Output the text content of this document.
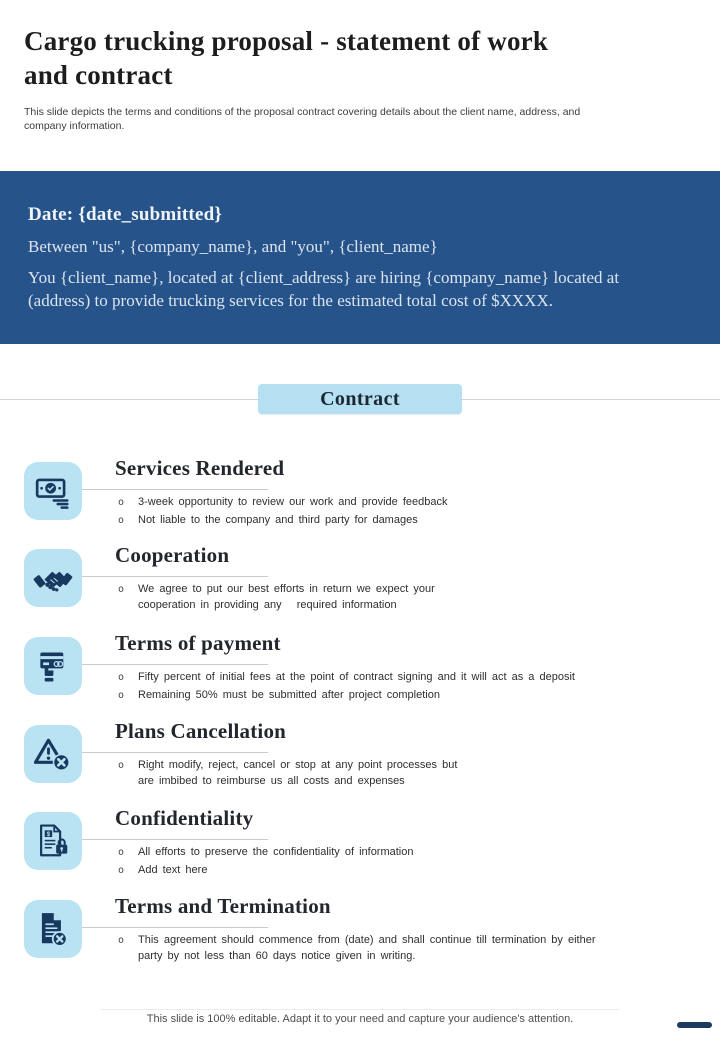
Cargo trucking proposal - statement of work
and contract

This slide depicts the terms and conditions of the proposal contract covering details about the client name, address, and
company information.

Date: {date_submitted}
Between "us", {company_name}, and "you", {client_name}
You {client_name}, located at {client_address} are hiring {company_name} located at
(address) to provide trucking services for the estimated total cost of $XXXX.
Contract
Services Rendered
o	3-week opportunity to review our work and provide feedback
o	Not liable to the company and third party for damages
Cooperation
o	We agree to put our best efforts in return we expect your
cooperation in providing any   required information
Terms of payment
o	Fifty percent of initial fees at the point of contract signing and it will act as a deposit
o	Remaining 50% must be submitted after project completion
Plans Cancellation
o	Right modify, reject, cancel or stop at any point processes but
are imbibed to reimburse us all costs and expenses
$
Confidentiality
o	All efforts to preserve the confidentiality of information
o	Add text here
Terms and Termination
o	This agreement should commence from (date) and shall continue till termination by either
party by not less than 60 days notice given in writing.
This slide is 100% editable. Adapt it to your need and capture your audience's attention.
